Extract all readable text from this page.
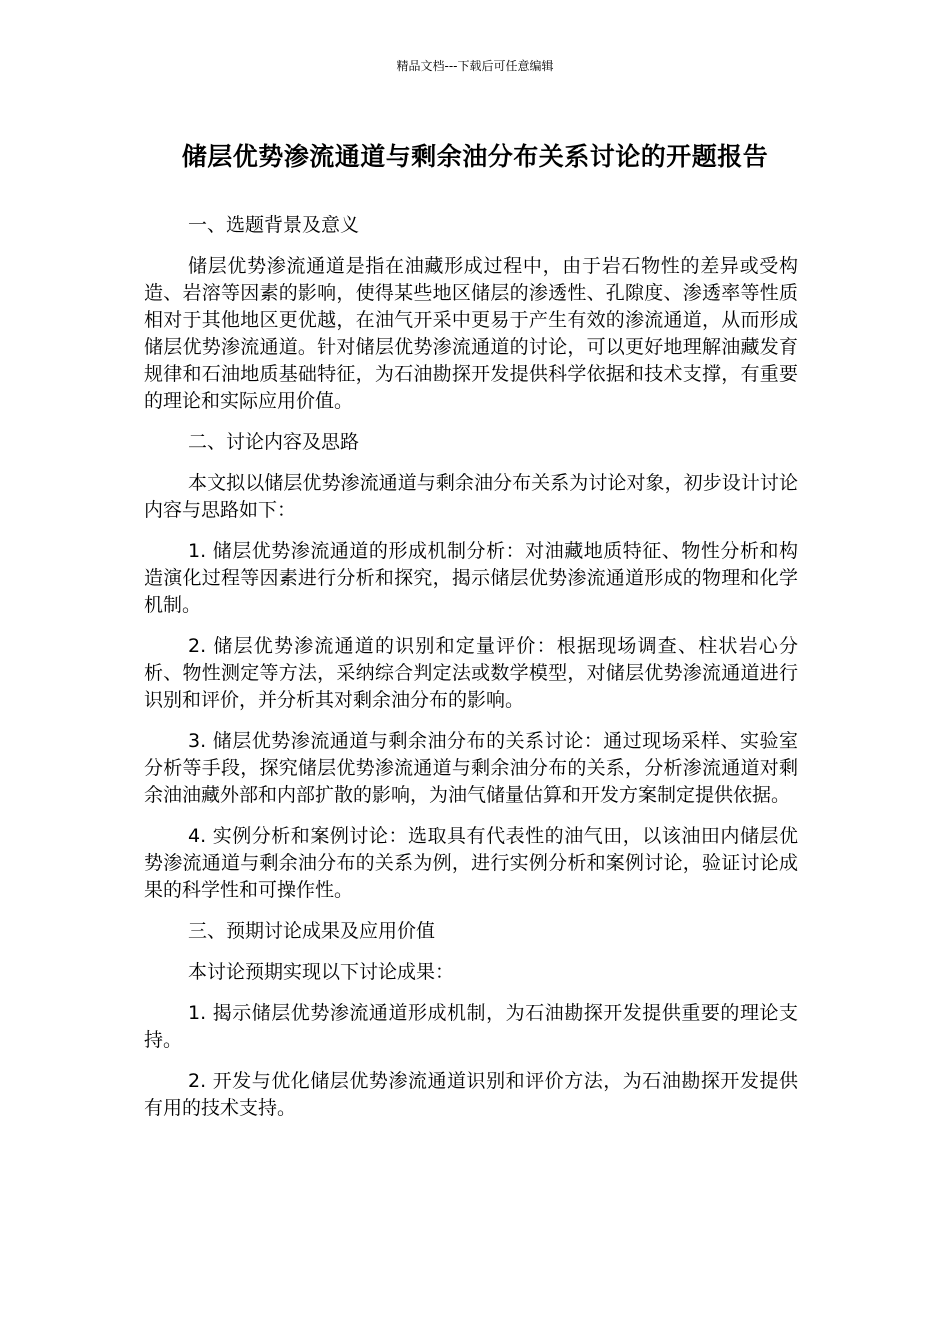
精品文档---下载后可任意编辑
储层优势渗流通道与剩余油分布关系讨论的开题报告

一、选题背景及意义

储层优势渗流通道是指在油藏形成过程中，由于岩石物性的差异或受构造、岩溶等因素的影响，使得某些地区储层的渗透性、孔隙度、渗透率等性质相对于其他地区更优越，在油气开采中更易于产生有效的渗流通道，从而形成储层优势渗流通道。针对储层优势渗流通道的讨论，可以更好地理解油藏发育规律和石油地质基础特征，为石油勘探开发提供科学依据和技术支撑，有重要的理论和实际应用价值。

二、讨论内容及思路

本文拟以储层优势渗流通道与剩余油分布关系为讨论对象，初步设计讨论内容与思路如下：

1. 储层优势渗流通道的形成机制分析：对油藏地质特征、物性分析和构造演化过程等因素进行分析和探究，揭示储层优势渗流通道形成的物理和化学机制。

2. 储层优势渗流通道的识别和定量评价：根据现场调查、柱状岩心分析、物性测定等方法，采纳综合判定法或数学模型，对储层优势渗流通道进行识别和评价，并分析其对剩余油分布的影响。

3. 储层优势渗流通道与剩余油分布的关系讨论：通过现场采样、实验室分析等手段，探究储层优势渗流通道与剩余油分布的关系，分析渗流通道对剩余油油藏外部和内部扩散的影响，为油气储量估算和开发方案制定提供依据。

4. 实例分析和案例讨论：选取具有代表性的油气田，以该油田内储层优势渗流通道与剩余油分布的关系为例，进行实例分析和案例讨论，验证讨论成果的科学性和可操作性。

三、预期讨论成果及应用价值

本讨论预期实现以下讨论成果：

1. 揭示储层优势渗流通道形成机制，为石油勘探开发提供重要的理论支持。

2. 开发与优化储层优势渗流通道识别和评价方法，为石油勘探开发提供有用的技术支持。
